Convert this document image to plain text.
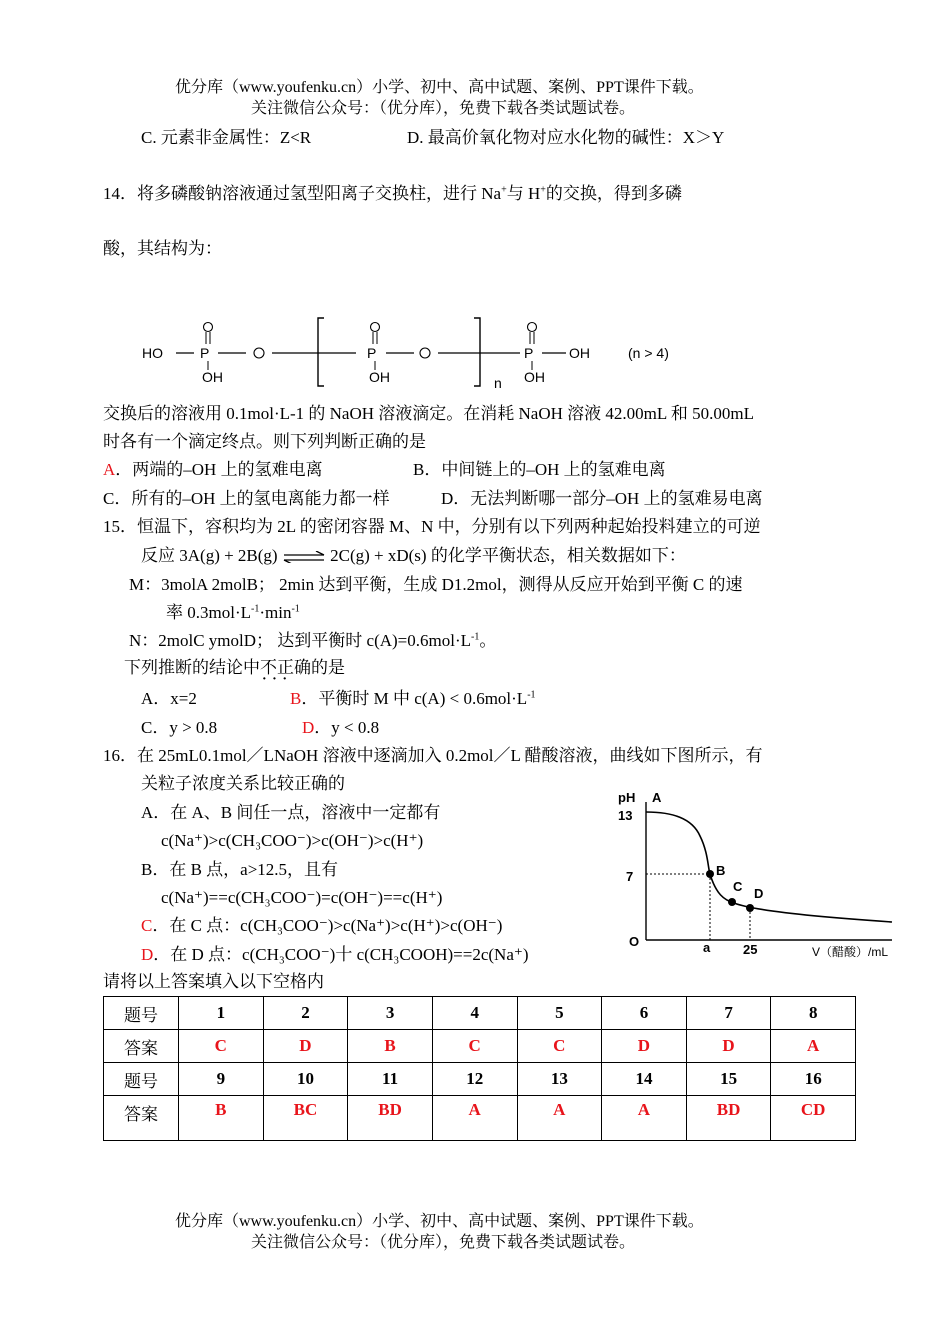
优分库（www.youfenku.cn）小学、初中、高中试题、案例、PPT课件下载。
关注微信公众号：（优分库），免费下载各类试题试卷。
C. 元素非金属性：Z<R	D. 最高价氧化物对应水化物的碱性：X＞Y
14．将多磷酸钠溶液通过氢型阳离子交换柱，进行 Na+与 H+的交换，得到多磷
酸，其结构为：
HO	P
OH
P
OH	n
P
OH
OH	(n > 4)
交换后的溶液用 0.1mol·L-1 的 NaOH 溶液滴定。在消耗 NaOH 溶液 42.00mL 和 50.00mL
时各有一个滴定终点。则下列判断正确的是
A．两端的–OH 上的氢难电离	B．中间链上的–OH 上的氢难电离
C．所有的–OH 上的氢电离能力都一样	D．无法判断哪一部分–OH 上的氢难易电离
15．恒温下，容积均为 2L 的密闭容器 M、N 中，分别有以下列两种起始投料建立的可逆
反应 3A(g) + 2B(g) ⇌ 2C(g) + xD(s) 的化学平衡状态，相关数据如下：
M：3molA 2molB； 2min 达到平衡，生成 D1.2mol，测得从反应开始到平衡 C 的速
率 $0.3mol\cdot L^{-1}\cdot\min^{-1}$
N：2molC ymolD； 达到平衡时 $c(A)=0.6mol\cdot L^{-1}$。
下列推断的结论中不正确 · · ·的是
A．x=2	B．平衡时 M 中 $c(A) < 0.6mol\cdot L^{-1}$
C．y > 0.8	D．y < 0.8
16．在 25mL0.1mol／LNaOH 溶液中逐滴加入 0.2mol／L 醋酸溶液，曲线如下图所示，有
关粒子浓度关系比较正确的
A．在 A、B 间任一点，溶液中一定都有
c(Na⁺)>c(CH₃COO⁻)>c(OH⁻)>c(H⁺)
B．在 B 点，a>12.5，且有
c(Na⁺)==c(CH₃COO⁻)=c(OH⁻)==c(H⁺)
C．在 C 点：c(CH₃COO⁻)>c(Na⁺)>c(H⁺)>c(OH⁻)
D．在 D 点：c(CH₃COO⁻)十 c(CH₃COOH)==2c(Na⁺)
pH A
13
7
O	a	25
B
C D
V（醋酸）/mL
请将以上答案填入以下空格内
题号	1	2	3	4	5	6	7	8
答案	C	D	B	C	C	D	D	A
题号	9	10	11	12	13	14	15	16
答案	B	BC	BD	A	A	A	BD	CD
优分库（www.youfenku.cn）小学、初中、高中试题、案例、PPT课件下载。
关注微信公众号：（优分库），免费下载各类试题试卷。
